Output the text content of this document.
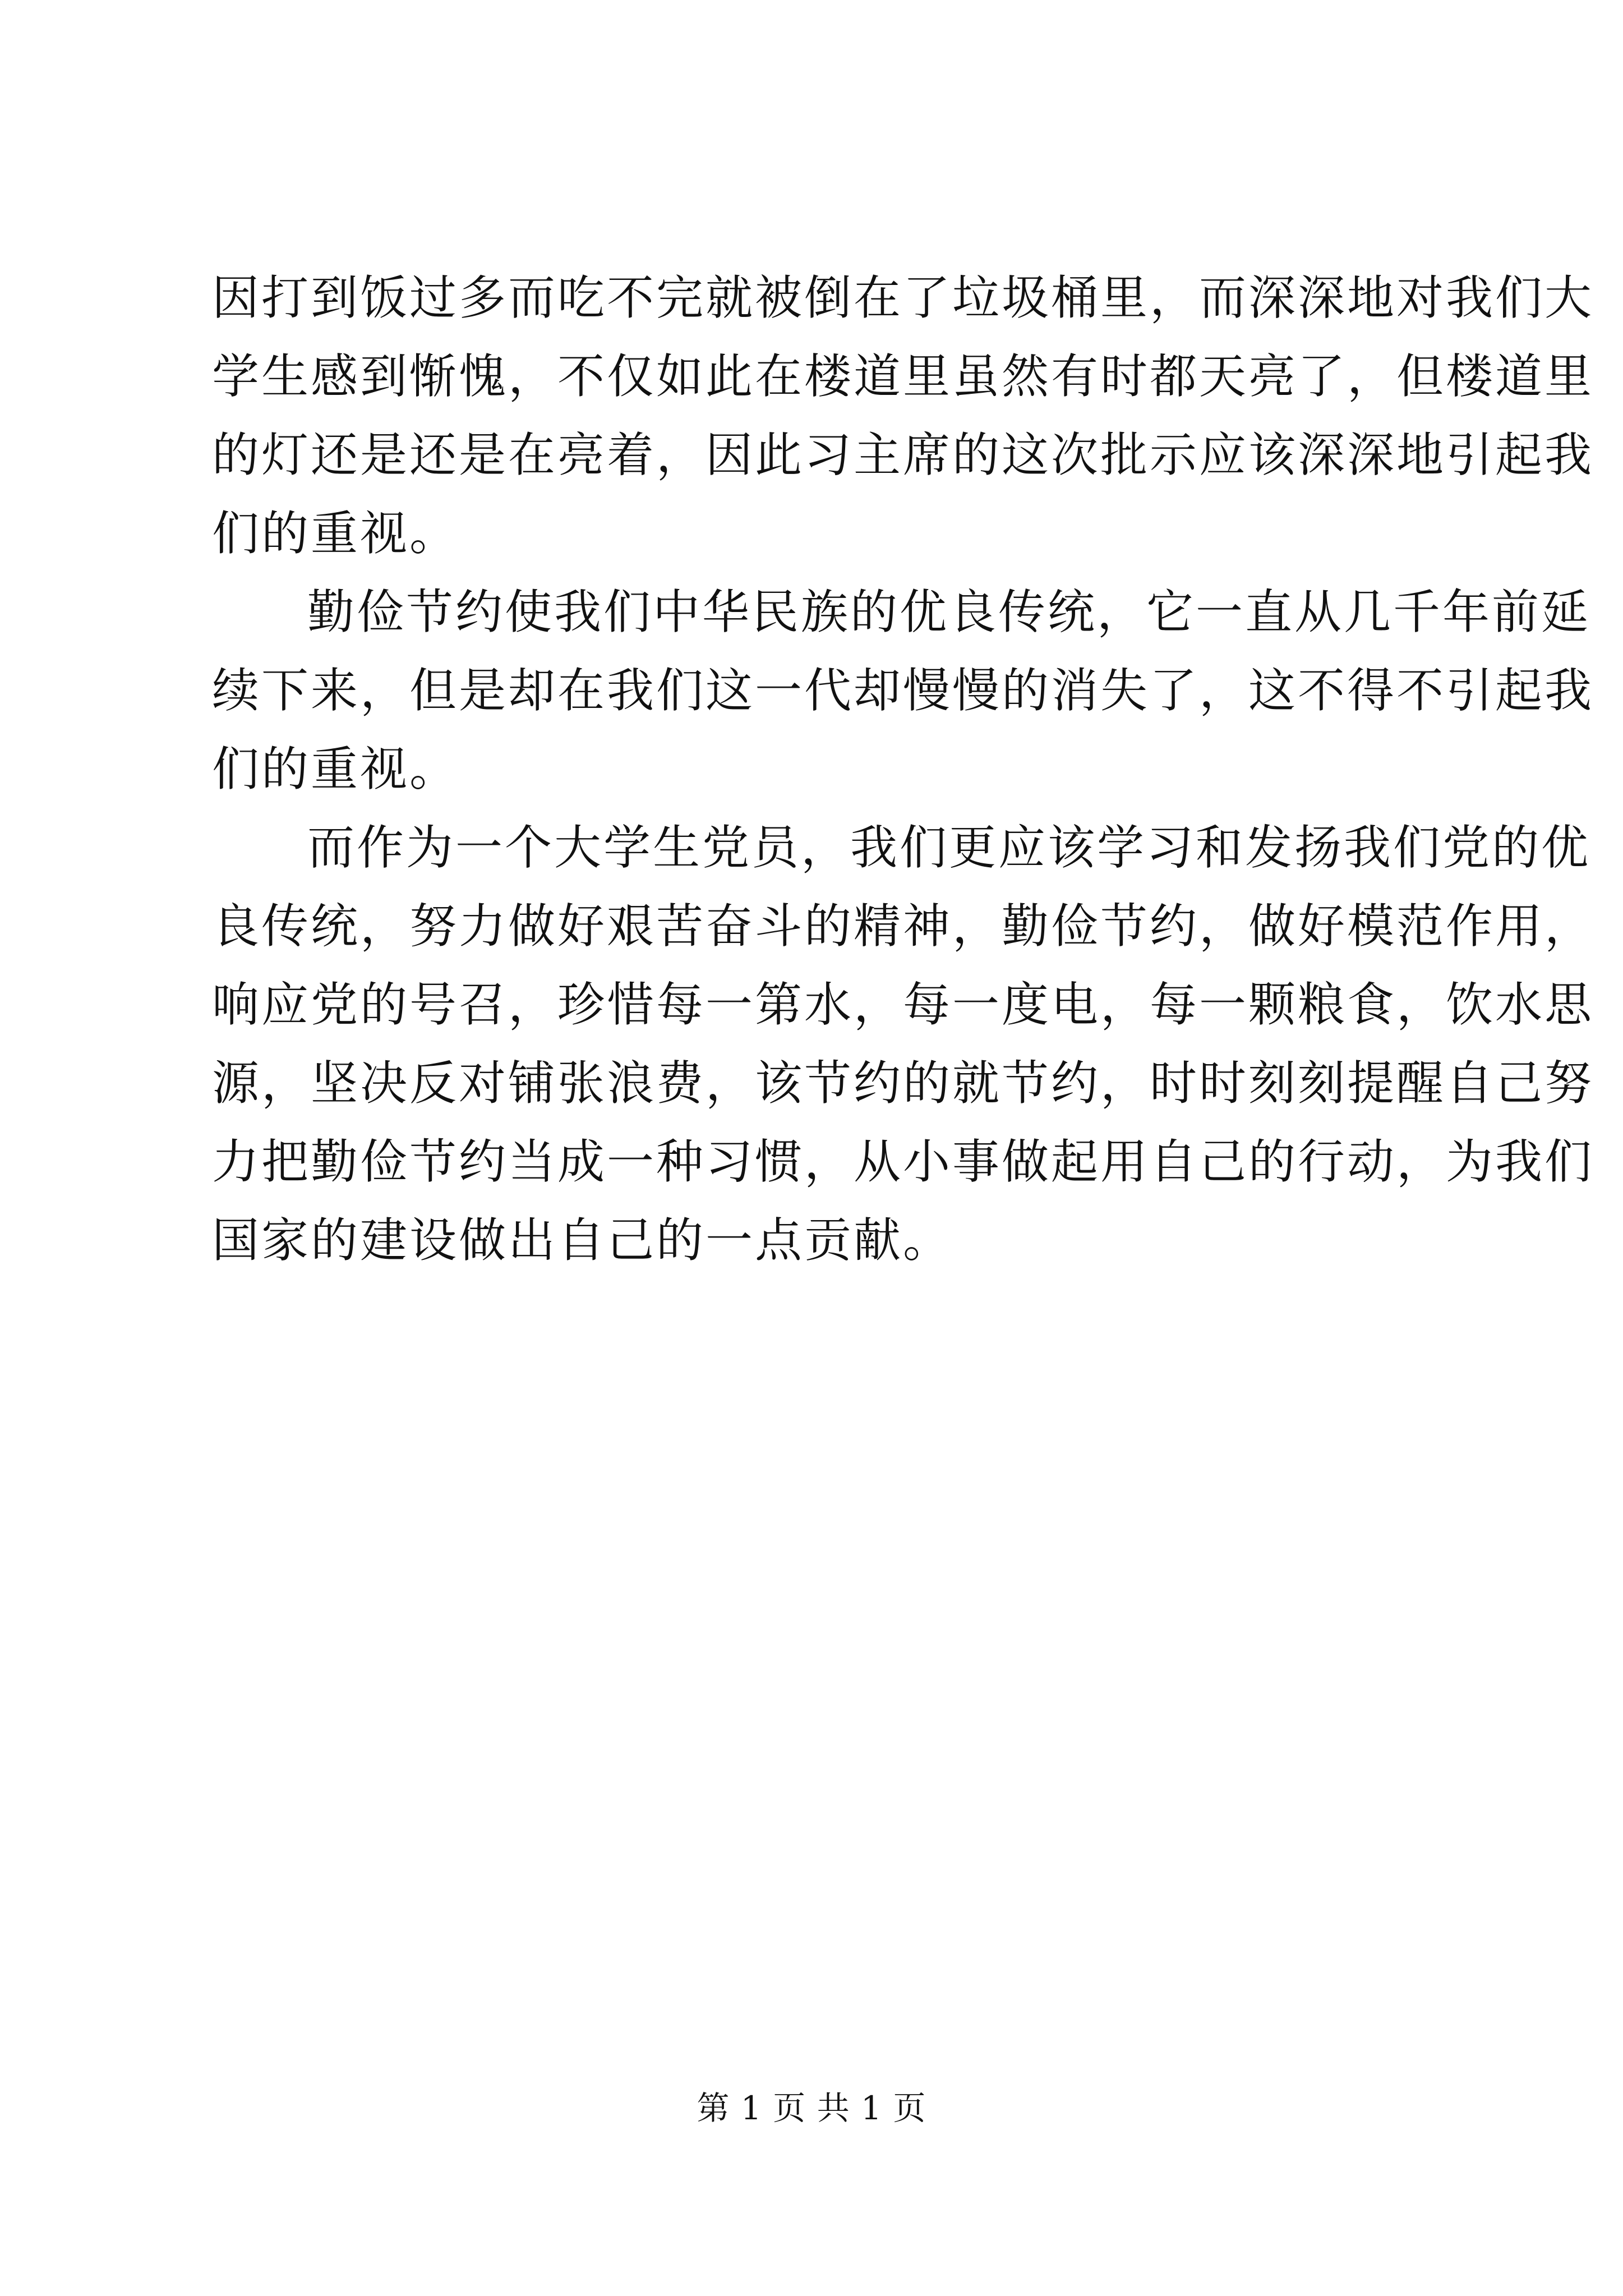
因打到饭过多而吃不完就被倒在了垃圾桶里，而深深地对我们大
学生感到惭愧，不仅如此在楼道里虽然有时都天亮了，但楼道里
的灯还是还是在亮着，因此习主席的这次批示应该深深地引起我
们的重视。
勤俭节约使我们中华民族的优良传统，它一直从几千年前延
续下来，但是却在我们这一代却慢慢的消失了，这不得不引起我
们的重视。
而作为一个大学生党员，我们更应该学习和发扬我们党的优
良传统，努力做好艰苦奋斗的精神，勤俭节约，做好模范作用，
响应党的号召，珍惜每一第水，每一度电，每一颗粮食，饮水思
源，坚决反对铺张浪费，该节约的就节约，时时刻刻提醒自己努
力把勤俭节约当成一种习惯，从小事做起用自己的行动，为我们
国家的建设做出自己的一点贡献。
第 1 页 共 1 页
